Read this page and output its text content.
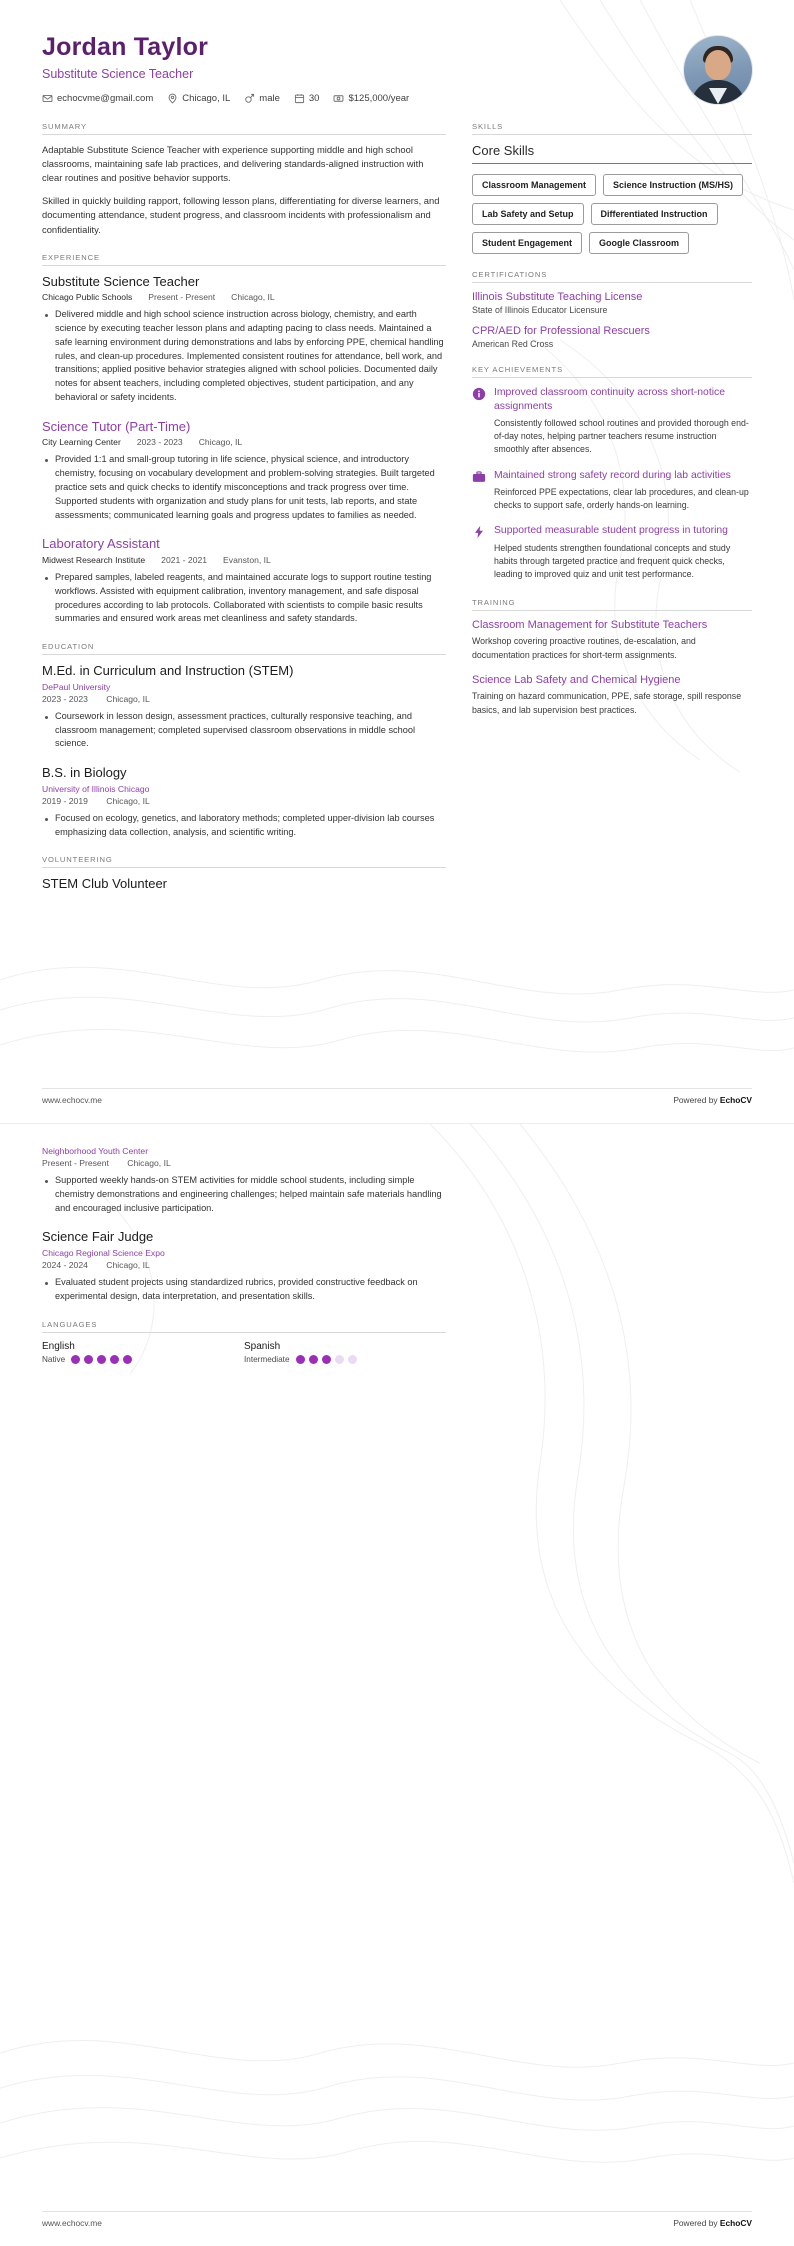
Jordan Taylor
Substitute Science Teacher
echocvme@gmail.com	Chicago, IL	male	30	$125,000/year
SUMMARY

Adaptable Substitute Science Teacher with experience supporting middle and high school classrooms, maintaining safe lab practices, and delivering standards-aligned instruction with clear routines and positive behavior supports.

Skilled in quickly building rapport, following lesson plans, differentiating for diverse learners, and documenting attendance, student progress, and classroom incidents with professionalism and confidentiality.

EXPERIENCE
Substitute Science Teacher
Chicago Public Schools Present - Present Chicago, IL
Delivered middle and high school science instruction across biology, chemistry, and earth science by executing teacher lesson plans and adapting pacing to class needs. Maintained a safe learning environment during demonstrations and labs by enforcing PPE, chemical handling rules, and clean-up procedures. Implemented consistent routines for attendance, bell work, and transitions; applied positive behavior strategies aligned with school policies. Documented daily notes for absent teachers, including completed objectives, student participation, and any behavioral or safety incidents.
Science Tutor (Part-Time)
City Learning Center 2023 - 2023 Chicago, IL
Provided 1:1 and small-group tutoring in life science, physical science, and introductory chemistry, focusing on vocabulary development and problem-solving strategies. Built targeted practice sets and quick checks to identify misconceptions and track progress over time. Supported students with organization and study plans for unit tests, lab reports, and state assessments; communicated learning goals and progress updates to families as needed.
Laboratory Assistant
Midwest Research Institute 2021 - 2021 Evanston, IL
Prepared samples, labeled reagents, and maintained accurate logs to support routine testing workflows. Assisted with equipment calibration, inventory management, and safe disposal procedures according to lab protocols. Collaborated with scientists to compile basic results summaries and ensured work areas met cleanliness and safety standards.
EDUCATION
M.Ed. in Curriculum and Instruction (STEM)
DePaul University
2023 - 2023 Chicago, IL
Coursework in lesson design, assessment practices, culturally responsive teaching, and classroom management; completed supervised classroom observations in middle school science.
B.S. in Biology
University of Illinois Chicago
2019 - 2019 Chicago, IL
Focused on ecology, genetics, and laboratory methods; completed upper-division lab courses emphasizing data collection, analysis, and scientific writing.
VOLUNTEERING
STEM Club Volunteer
SKILLS
Core Skills
Classroom Management	Science Instruction (MS/HS)
Lab Safety and Setup	Differentiated Instruction
Student Engagement	Google Classroom
CERTIFICATIONS
Illinois Substitute Teaching License
State of Illinois Educator Licensure
CPR/AED for Professional Rescuers
American Red Cross
KEY ACHIEVEMENTS
Improved classroom continuity across short-notice assignments

Consistently followed school routines and provided thorough end-of-day notes, helping partner teachers resume instruction smoothly after absences.

Maintained strong safety record during lab activities

Reinforced PPE expectations, clear lab procedures, and clean-up checks to support safe, orderly hands-on learning.

Supported measurable student progress in tutoring

Helped students strengthen foundational concepts and study habits through targeted practice and frequent quick checks, leading to improved quiz and unit test performance.

TRAINING
Classroom Management for Substitute Teachers

Workshop covering proactive routines, de-escalation, and documentation practices for short-term assignments.

Science Lab Safety and Chemical Hygiene

Training on hazard communication, PPE, safe storage, spill response basics, and lab supervision best practices.

www.echocv.me	Powered by EchoCV
Neighborhood Youth Center
Present - Present Chicago, IL
Supported weekly hands-on STEM activities for middle school students, including simple chemistry demonstrations and engineering challenges; helped maintain safe materials handling and encouraged inclusive participation.
Science Fair Judge
Chicago Regional Science Expo
2024 - 2024 Chicago, IL
Evaluated student projects using standardized rubrics, provided constructive feedback on experimental design, data interpretation, and presentation skills.
LANGUAGES
English
Native
Spanish
Intermediate
www.echocv.me	Powered by EchoCV
